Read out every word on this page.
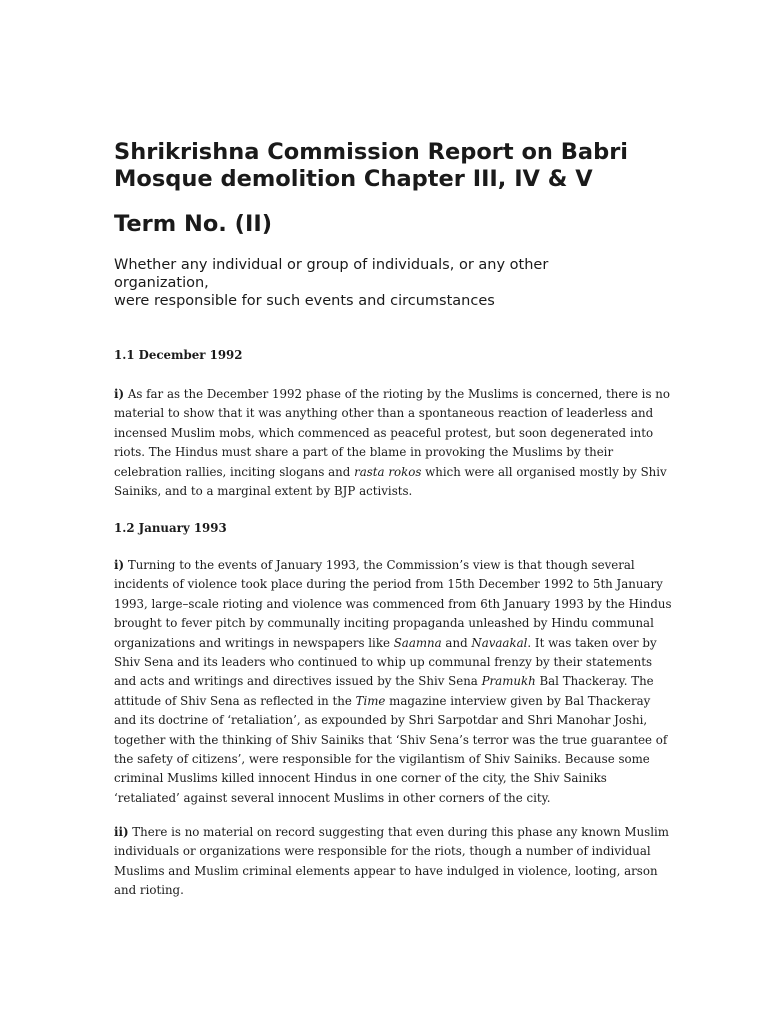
Shrikrishna Commission Report on Babri Mosque demolition Chapter III, IV & V
Term No. (II)

Whether any individual or group of individuals, or any other
organization,
were responsible for such events and circumstances

1.1 December 1992

i) As far as the December 1992 phase of the rioting by the Muslims is concerned, there is no
material to show that it was anything other than a spontaneous reaction of leaderless and
incensed Muslim mobs, which commenced as peaceful protest, but soon degenerated into
riots. The Hindus must share a part of the blame in provoking the Muslims by their
celebration rallies, inciting slogans and rasta rokos which were all organised mostly by Shiv
Sainiks, and to a marginal extent by BJP activists.

1.2 January 1993

i) Turning to the events of January 1993, the Commission’s view is that though several
incidents of violence took place during the period from 15th December 1992 to 5th January
1993, large–scale rioting and violence was commenced from 6th January 1993 by the Hindus
brought to fever pitch by communally inciting propaganda unleashed by Hindu communal
organizations and writings in newspapers like Saamna and Navaakal. It was taken over by
Shiv Sena and its leaders who continued to whip up communal frenzy by their statements
and acts and writings and directives issued by the Shiv Sena Pramukh Bal Thackeray. The
attitude of Shiv Sena as reflected in the Time magazine interview given by Bal Thackeray
and its doctrine of ‘retaliation’, as expounded by Shri Sarpotdar and Shri Manohar Joshi,
together with the thinking of Shiv Sainiks that ‘Shiv Sena’s terror was the true guarantee of
the safety of citizens’, were responsible for the vigilantism of Shiv Sainiks. Because some
criminal Muslims killed innocent Hindus in one corner of the city, the Shiv Sainiks
‘retaliated’ against several innocent Muslims in other corners of the city.

ii) There is no material on record suggesting that even during this phase any known Muslim
individuals or organizations were responsible for the riots, though a number of individual
Muslims and Muslim criminal elements appear to have indulged in violence, looting, arson
and rioting.
